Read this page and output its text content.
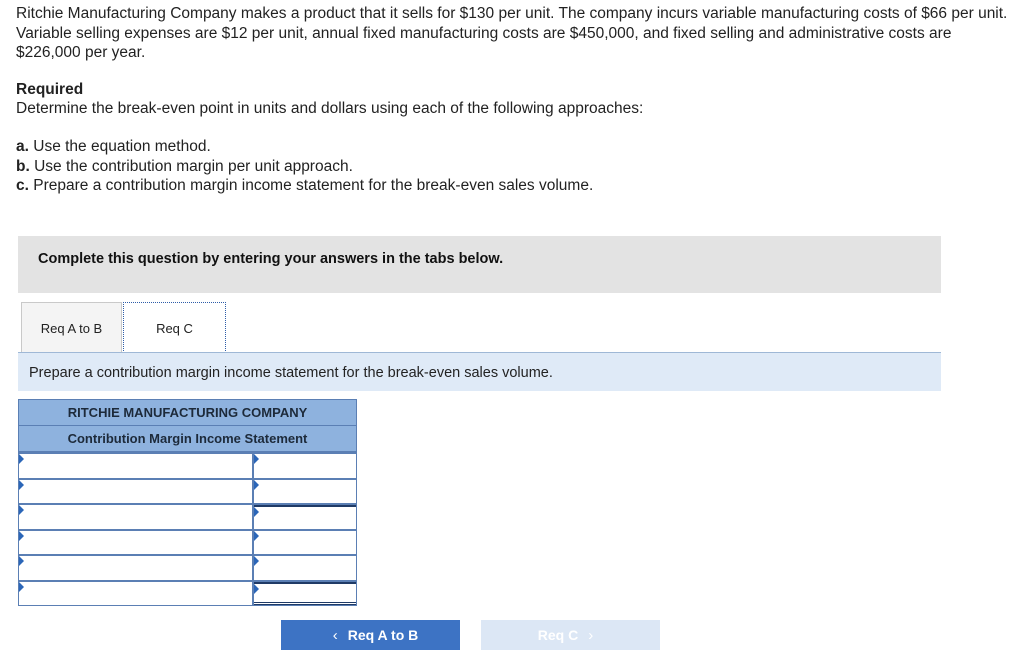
Ritchie Manufacturing Company makes a product that it sells for $130 per unit. The company incurs variable manufacturing costs of $66 per unit. Variable selling expenses are $12 per unit, annual fixed manufacturing costs are $450,000, and fixed selling and administrative costs are $226,000 per year.
Required
Determine the break-even point in units and dollars using each of the following approaches:
a. Use the equation method.
b. Use the contribution margin per unit approach.
c. Prepare a contribution margin income statement for the break-even sales volume.
Complete this question by entering your answers in the tabs below.
Req A to B	Req C
Prepare a contribution margin income statement for the break-even sales volume.
RITCHIE MANUFACTURING COMPANY
Contribution Margin Income Statement
‹ Req A to B	Req C ›
